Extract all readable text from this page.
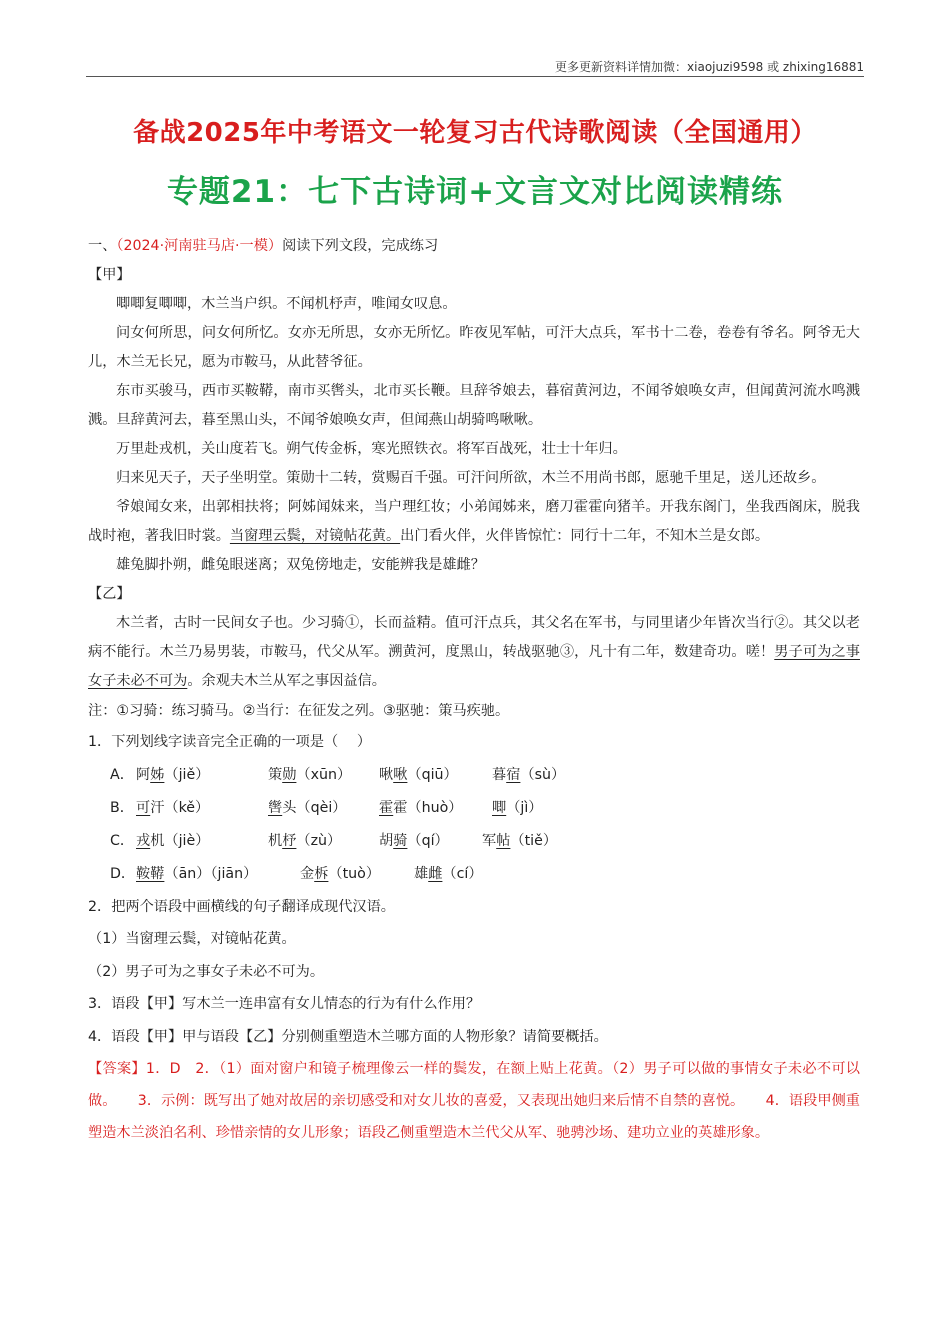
更多更新资料详情加微：xiaojuzi9598 或 zhixing16881
备战2025年中考语文一轮复习古代诗歌阅读（全国通用）
专题21：七下古诗词+文言文对比阅读精练
一、（2024·河南驻马店·一模）阅读下列文段，完成练习
【甲】
唧唧复唧唧，木兰当户织。不闻机杼声，唯闻女叹息。
问女何所思，问女何所忆。女亦无所思，女亦无所忆。昨夜见军帖，可汗大点兵，军书十二卷，卷卷有爷名。阿爷无大儿，木兰无长兄，愿为市鞍马，从此替爷征。
东市买骏马，西市买鞍鞯，南市买辔头，北市买长鞭。旦辞爷娘去，暮宿黄河边，不闻爷娘唤女声，但闻黄河流水鸣溅溅。旦辞黄河去，暮至黑山头，不闻爷娘唤女声，但闻燕山胡骑鸣啾啾。
万里赴戎机，关山度若飞。朔气传金柝，寒光照铁衣。将军百战死，壮士十年归。
归来见天子，天子坐明堂。策勋十二转，赏赐百千强。可汗问所欲，木兰不用尚书郎，愿驰千里足，送儿还故乡。
爷娘闻女来，出郭相扶将；阿姊闻妹来，当户理红妆；小弟闻姊来，磨刀霍霍向猪羊。开我东阁门，坐我西阁床，脱我战时袍，著我旧时裳。当窗理云鬓，对镜帖花黄。出门看火伴，火伴皆惊忙：同行十二年，不知木兰是女郎。
雄兔脚扑朔，雌兔眼迷离；双兔傍地走，安能辨我是雄雌？
【乙】
木兰者，古时一民间女子也。少习骑①，长而益精。值可汗点兵，其父名在军书，与同里诸少年皆次当行②。其父以老病不能行。木兰乃易男装，市鞍马，代父从军。溯黄河，度黑山，转战驱驰③，凡十有二年，数建奇功。嗟！男子可为之事女子未必不可为。余观夫木兰从军之事因益信。
注：①习骑：练习骑马。②当行：在征发之列。③驱驰：策马疾驰。
1．下列划线字读音完全正确的一项是（　 ）
A． 阿姊（jiě）	策勋（xūn） 啾啾（qiū） 暮宿（sù）
B． 可汗（kě）	辔头（qèi） 霍霍（huò） 唧（jì）
C． 戎机（jiè）	机杼（zù）	胡骑（qí） 军帖（tiě）
D． 鞍鞯（ān）（jiān）	金柝（tuò） 雄雌（cí）
2．把两个语段中画横线的句子翻译成现代汉语。
（1）当窗理云鬓，对镜帖花黄。
（2）男子可为之事女子未必不可为。
3．语段【甲】写木兰一连串富有女儿情态的行为有什么作用？
4．语段【甲】甲与语段【乙】分别侧重塑造木兰哪方面的人物形象？请简要概括。
【答案】1．D　2．（1）面对窗户和镜子梳理像云一样的鬓发，在额上贴上花黄。（2）男子可以做的事情女子未必不可以做。　　3．示例：既写出了她对故居的亲切感受和对女儿妆的喜爱，又表现出她归来后情不自禁的喜悦。　　4．语段甲侧重塑造木兰淡泊名利、珍惜亲情的女儿形象；语段乙侧重塑造木兰代父从军、驰骋沙场、建功立业的英雄形象。
